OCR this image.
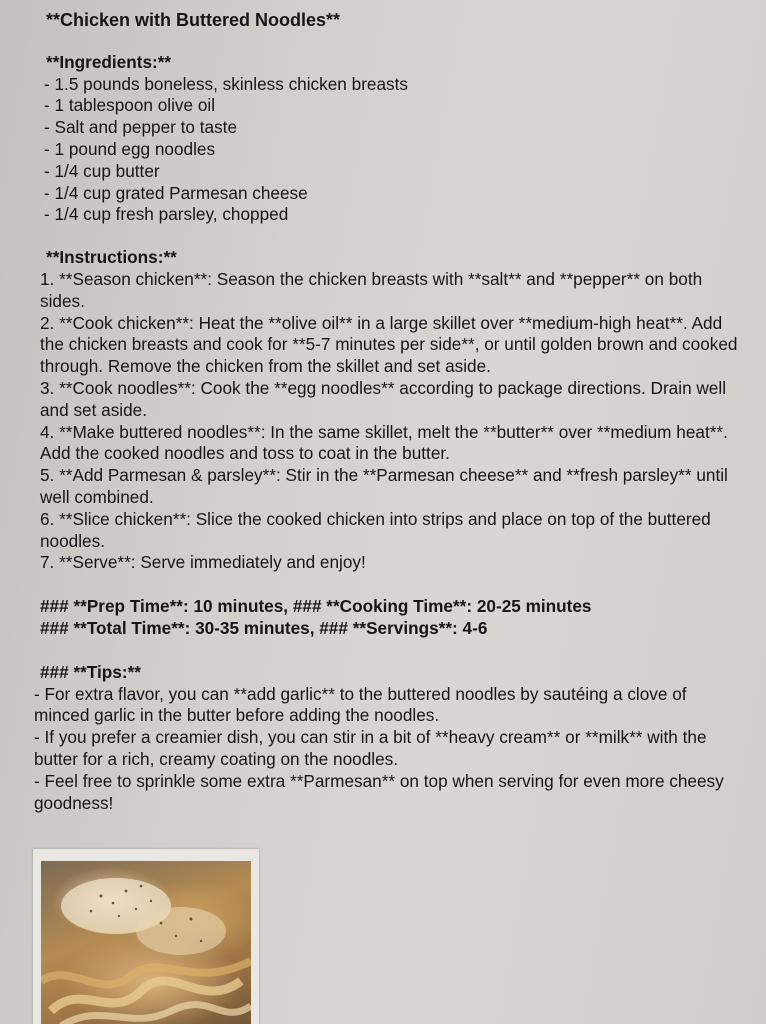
**Chicken with Buttered Noodles**
**Ingredients:**
- 1.5 pounds boneless, skinless chicken breasts
- 1 tablespoon olive oil
- Salt and pepper to taste
- 1 pound egg noodles
- 1/4 cup butter
- 1/4 cup grated Parmesan cheese
- 1/4 cup fresh parsley, chopped
**Instructions:**
1. **Season chicken**: Season the chicken breasts with **salt** and **pepper** on both sides.
2. **Cook chicken**: Heat the **olive oil** in a large skillet over **medium-high heat**. Add the chicken breasts and cook for **5-7 minutes per side**, or until golden brown and cooked through. Remove the chicken from the skillet and set aside.
3. **Cook noodles**: Cook the **egg noodles** according to package directions. Drain well and set aside.
4. **Make buttered noodles**: In the same skillet, melt the **butter** over **medium heat**. Add the cooked noodles and toss to coat in the butter.
5. **Add Parmesan & parsley**: Stir in the **Parmesan cheese** and **fresh parsley** until well combined.
6. **Slice chicken**: Slice the cooked chicken into strips and place on top of the buttered noodles.
7. **Serve**: Serve immediately and enjoy!
### **Prep Time**: 10 minutes, ### **Cooking Time**: 20-25 minutes
### **Total Time**: 30-35 minutes, ### **Servings**: 4-6
### **Tips:**
- For extra flavor, you can **add garlic** to the buttered noodles by sautéing a clove of minced garlic in the butter before adding the noodles.
- If you prefer a creamier dish, you can stir in a bit of **heavy cream** or **milk** with the butter for a rich, creamy coating on the noodles.
- Feel free to sprinkle some extra **Parmesan** on top when serving for even more cheesy goodness!
